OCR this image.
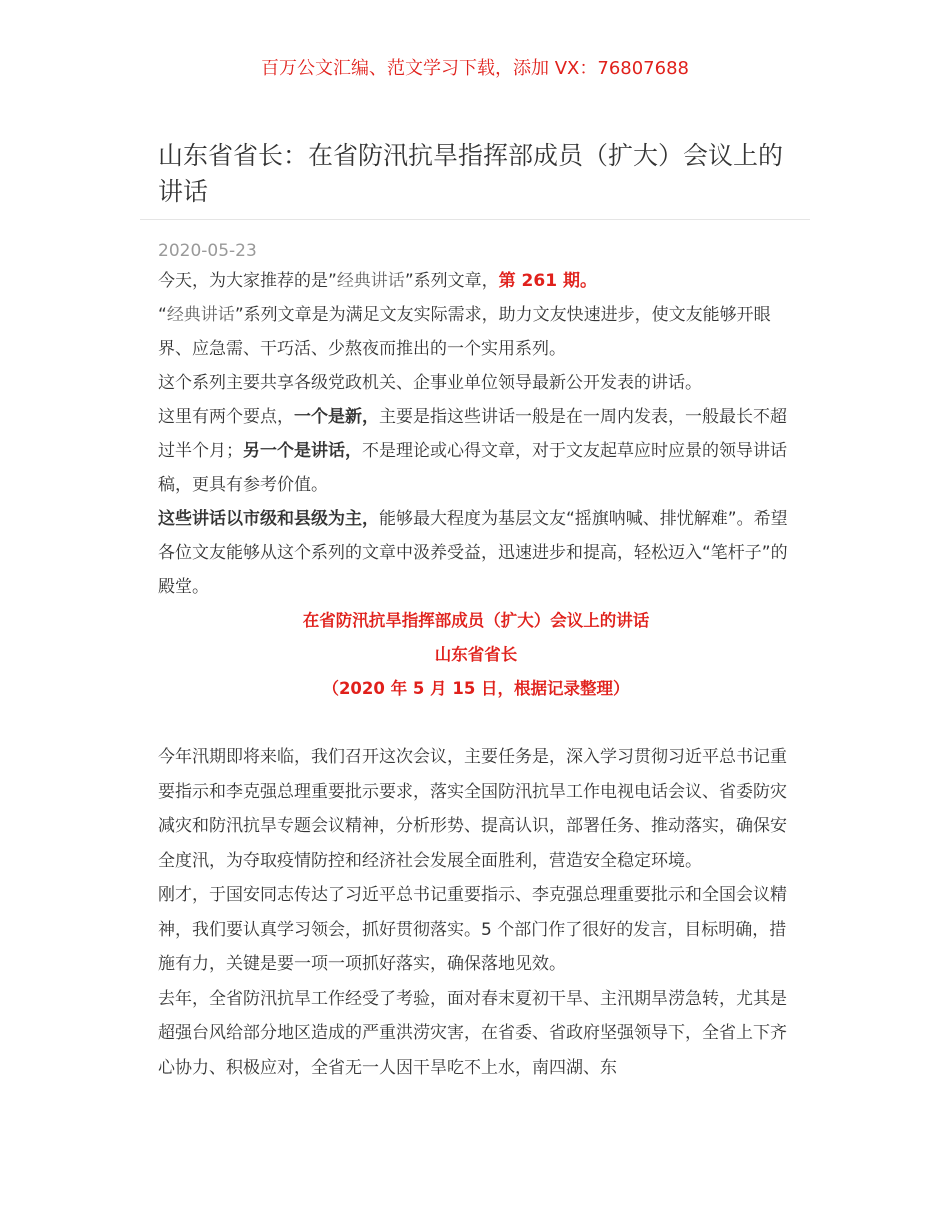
百万公文汇编、范文学习下载，添加 VX：76807688
山东省省长：在省防汛抗旱指挥部成员（扩大）会议上的讲话
2020-05-23

今天，为大家推荐的是”经典讲话”系列文章，第 261 期。

“经典讲话”系列文章是为满足文友实际需求，助力文友快速进步，使文友能够开眼界、应急需、干巧活、少熬夜而推出的一个实用系列。

这个系列主要共享各级党政机关、企事业单位领导最新公开发表的讲话。

这里有两个要点，一个是新，主要是指这些讲话一般是在一周内发表，一般最长不超过半个月；另一个是讲话，不是理论或心得文章，对于文友起草应时应景的领导讲话稿，更具有参考价值。

这些讲话以市级和县级为主，能够最大程度为基层文友“摇旗呐喊、排忧解难”。希望各位文友能够从这个系列的文章中汲养受益，迅速进步和提高，轻松迈入“笔杆子”的殿堂。

在省防汛抗旱指挥部成员（扩大）会议上的讲话

山东省省长

（2020 年 5 月 15 日，根据记录整理）

今年汛期即将来临，我们召开这次会议，主要任务是，深入学习贯彻习近平总书记重要指示和李克强总理重要批示要求，落实全国防汛抗旱工作电视电话会议、省委防灾减灾和防汛抗旱专题会议精神，分析形势、提高认识，部署任务、推动落实，确保安全度汛，为夺取疫情防控和经济社会发展全面胜利，营造安全稳定环境。

刚才，于国安同志传达了习近平总书记重要指示、李克强总理重要批示和全国会议精神，我们要认真学习领会，抓好贯彻落实。5 个部门作了很好的发言，目标明确，措施有力，关键是要一项一项抓好落实，确保落地见效。

去年，全省防汛抗旱工作经受了考验，面对春末夏初干旱、主汛期旱涝急转，尤其是超强台风给部分地区造成的严重洪涝灾害，在省委、省政府坚强领导下，全省上下齐心协力、积极应对，全省无一人因干旱吃不上水，南四湖、东
